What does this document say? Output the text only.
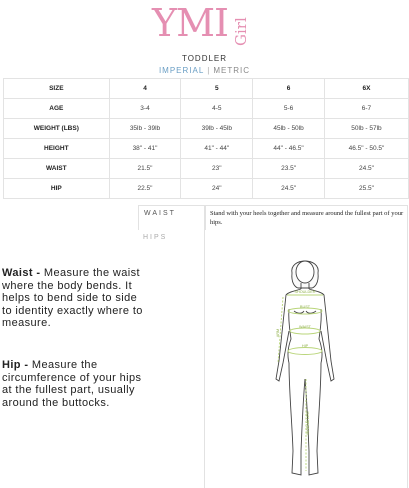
YMI Girl
TODDLER
IMPERIAL | METRIC
SIZE	4	5	6	6X
AGE	3-4	4-5	5-6	6-7
WEIGHT (LBS)	35lb - 39lb	39lb - 45lb	45lb - 50lb	50lb - 57lb
HEIGHT	38" - 41"	41" - 44"	44" - 46.5"	46.5" - 50.5"
WAIST	21.5"	23"	23.5"	24.5"
HIP	22.5"	24"	24.5"	25.5"
WAIST
HIPS
Stand with your heels together and measure around the fullest part of your hips.
SHOULDER
BUST
WAIST
HIP
ARM
INSEAM LEG
Waist - Measure the waist where the body bends. It helps to bend side to side to identity exactly where to measure.
Hip - Measure the circumference of your hips at the fullest part, usually around the buttocks.
